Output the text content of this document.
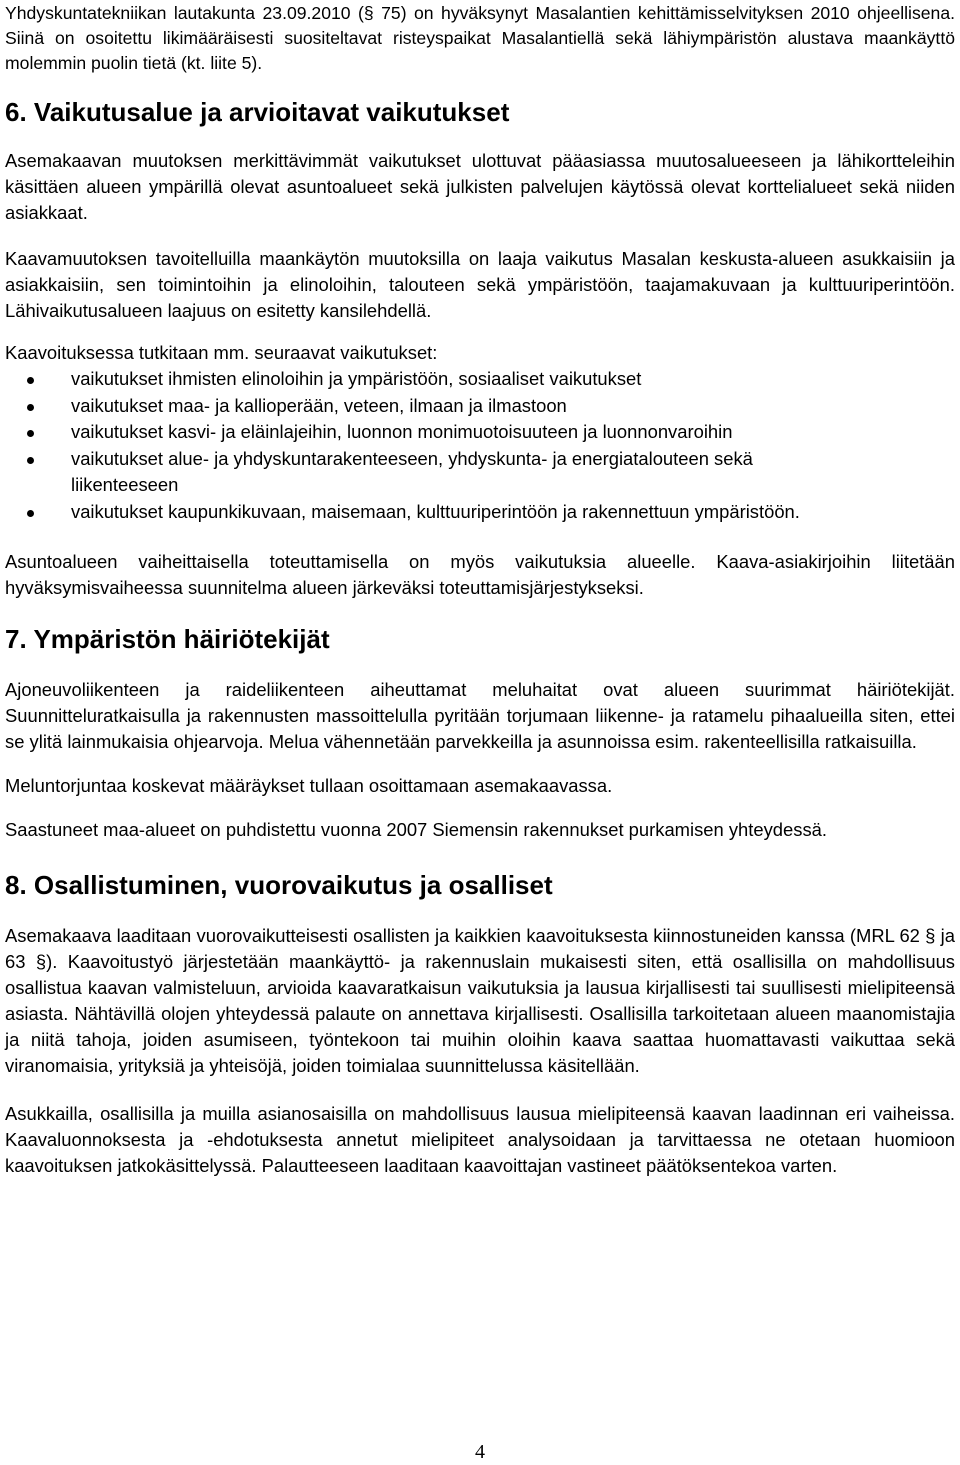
Yhdyskuntatekniikan lautakunta 23.09.2010 (§ 75) on hyväksynyt Masalantien kehittämisselvityksen 2010 ohjeellisena. Siinä on osoitettu likimääräisesti suositeltavat risteyspaikat Masalantiellä sekä lähiympäristön alustava maankäyttö molemmin puolin tietä (kt. liite 5).

6. Vaikutusalue ja arvioitavat vaikutukset

Asemakaavan muutoksen merkittävimmät vaikutukset ulottuvat pääasiassa muutosalueeseen ja lähikortteleihin käsittäen alueen ympärillä olevat asuntoalueet sekä julkisten palvelujen käytössä olevat korttelialueet sekä niiden asiakkaat.

Kaavamuutoksen tavoitelluilla maankäytön muutoksilla on laaja vaikutus Masalan keskusta-alueen asukkaisiin ja asiakkaisiin, sen toimintoihin ja elinoloihin, talouteen sekä ympäristöön, taajamakuvaan ja kulttuuriperintöön. Lähivaikutusalueen laajuus on esitetty kansilehdellä.

Kaavoituksessa tutkitaan mm. seuraavat vaikutukset:

vaikutukset ihmisten elinoloihin ja ympäristöön, sosiaaliset vaikutukset
vaikutukset maa- ja kallioperään, veteen, ilmaan ja ilmastoon
vaikutukset kasvi- ja eläinlajeihin, luonnon monimuotoisuuteen ja luonnonvaroihin
vaikutukset alue- ja yhdyskuntarakenteeseen, yhdyskunta- ja energiatalouteen sekä liikenteeseen
vaikutukset kaupunkikuvaan, maisemaan, kulttuuriperintöön ja rakennettuun ympäristöön.

Asuntoalueen vaiheittaisella toteuttamisella on myös vaikutuksia alueelle. Kaava-asiakirjoihin liitetään hyväksymisvaiheessa suunnitelma alueen järkeväksi toteuttamisjärjestykseksi.

7. Ympäristön häiriötekijät

Ajoneuvoliikenteen ja raideliikenteen aiheuttamat meluhaitat ovat alueen suurimmat häiriötekijät. Suunnitteluratkaisulla ja rakennusten massoittelulla pyritään torjumaan liikenne- ja ratamelu pihaalueilla siten, ettei se ylitä lainmukaisia ohjearvoja. Melua vähennetään parvekkeilla ja asunnoissa esim. rakenteellisilla ratkaisuilla.

Meluntorjuntaa koskevat määräykset tullaan osoittamaan asemakaavassa.

Saastuneet maa-alueet on puhdistettu vuonna 2007 Siemensin rakennukset purkamisen yhteydessä.

8. Osallistuminen, vuorovaikutus ja osalliset

Asemakaava laaditaan vuorovaikutteisesti osallisten ja kaikkien kaavoituksesta kiinnostuneiden kanssa (MRL 62 § ja 63 §). Kaavoitustyö järjestetään maankäyttö- ja rakennuslain mukaisesti siten, että osallisilla on mahdollisuus osallistua kaavan valmisteluun, arvioida kaavaratkaisun vaikutuksia ja lausua kirjallisesti tai suullisesti mielipiteensä asiasta. Nähtävillä olojen yhteydessä palaute on annettava kirjallisesti. Osallisilla tarkoitetaan alueen maanomistajia ja niitä tahoja, joiden asumiseen, työntekoon tai muihin oloihin kaava saattaa huomattavasti vaikuttaa sekä viranomaisia, yrityksiä ja yhteisöjä, joiden toimialaa suunnittelussa käsitellään.

Asukkailla, osallisilla ja muilla asianosaisilla on mahdollisuus lausua mielipiteensä kaavan laadinnan eri vaiheissa. Kaavaluonnoksesta ja -ehdotuksesta annetut mielipiteet analysoidaan ja tarvittaessa ne otetaan huomioon kaavoituksen jatkokäsittelyssä. Palautteeseen laaditaan kaavoittajan vastineet päätöksentekoa varten.

4
